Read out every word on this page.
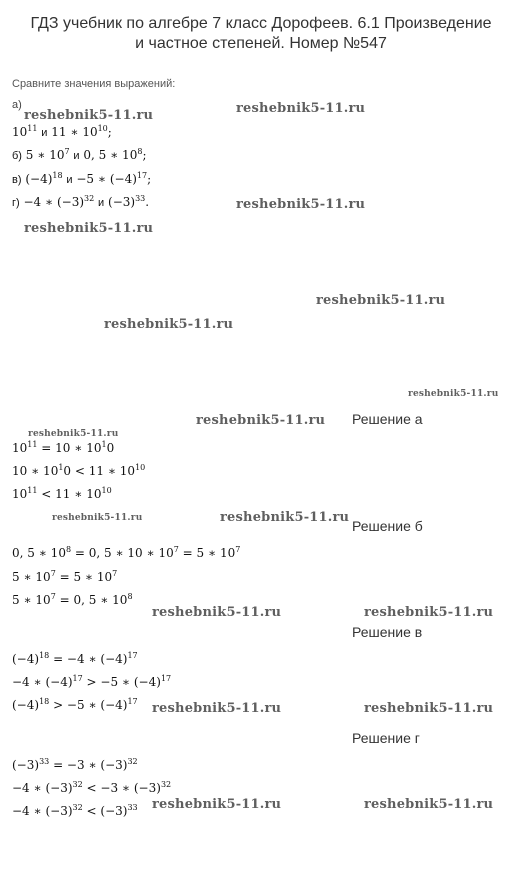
ГДЗ учебник по алгебре 7 класс Дорофеев. 6.1 Произведение
и частное степеней. Номер №547
Сравните значения выражений:
а)
$10^{11}$ и 11 ∗ $10^{10}$;
б) 5 ∗ $10^7$ и 0, 5 ∗ $10^8$;
в) $(-4)^{18}$ и −5 ∗ $(-4)^{17}$;
г) −4 ∗ $(-3)^{32}$ и $(-3)^{33}$.
Решение а
$10^{11} = 10$ ∗ $10^10$
10 ∗ $10^10 < 11$ ∗ $10^{10}$
$10^{11} < 11$ ∗ $10^{10}$
Решение б
0, 5 ∗ $10^8 = 0$, 5 ∗ 10 ∗ $10^7 = 5$ ∗ $10^7$
5 ∗ $10^7 = 5$ ∗ $10^7$
5 ∗ $10^7 = 0$, 5 ∗ $10^8$
Решение в
$(-4)^{18} = -4$ ∗ $(-4)^{17}$
−4 ∗ $(-4)^{17} > -5$ ∗ $(-4)^{17}$
$(-4)^{18} > -5$ ∗ $(-4)^{17}$
Решение г
$(-3)^{33} = -3$ ∗ $(-3)^{32}$
−4 ∗ $(-3)^{32} < -3$ ∗ $(-3)^{32}$
−4 ∗ $(-3)^{32} < (-3)^{33}$
reshebnik5-11.ru	reshebnik5-11.ru
reshebnik5-11.ru
reshebnik5-11.ru
reshebnik5-11.ru
reshebnik5-11.ru
reshebnik5-11.ru
reshebnik5-11.ru
reshebnik5-11.ru
reshebnik5-11.ru	reshebnik5-11.ru
reshebnik5-11.ru	reshebnik5-11.ru
reshebnik5-11.ru	reshebnik5-11.ru
reshebnik5-11.ru	reshebnik5-11.ru
